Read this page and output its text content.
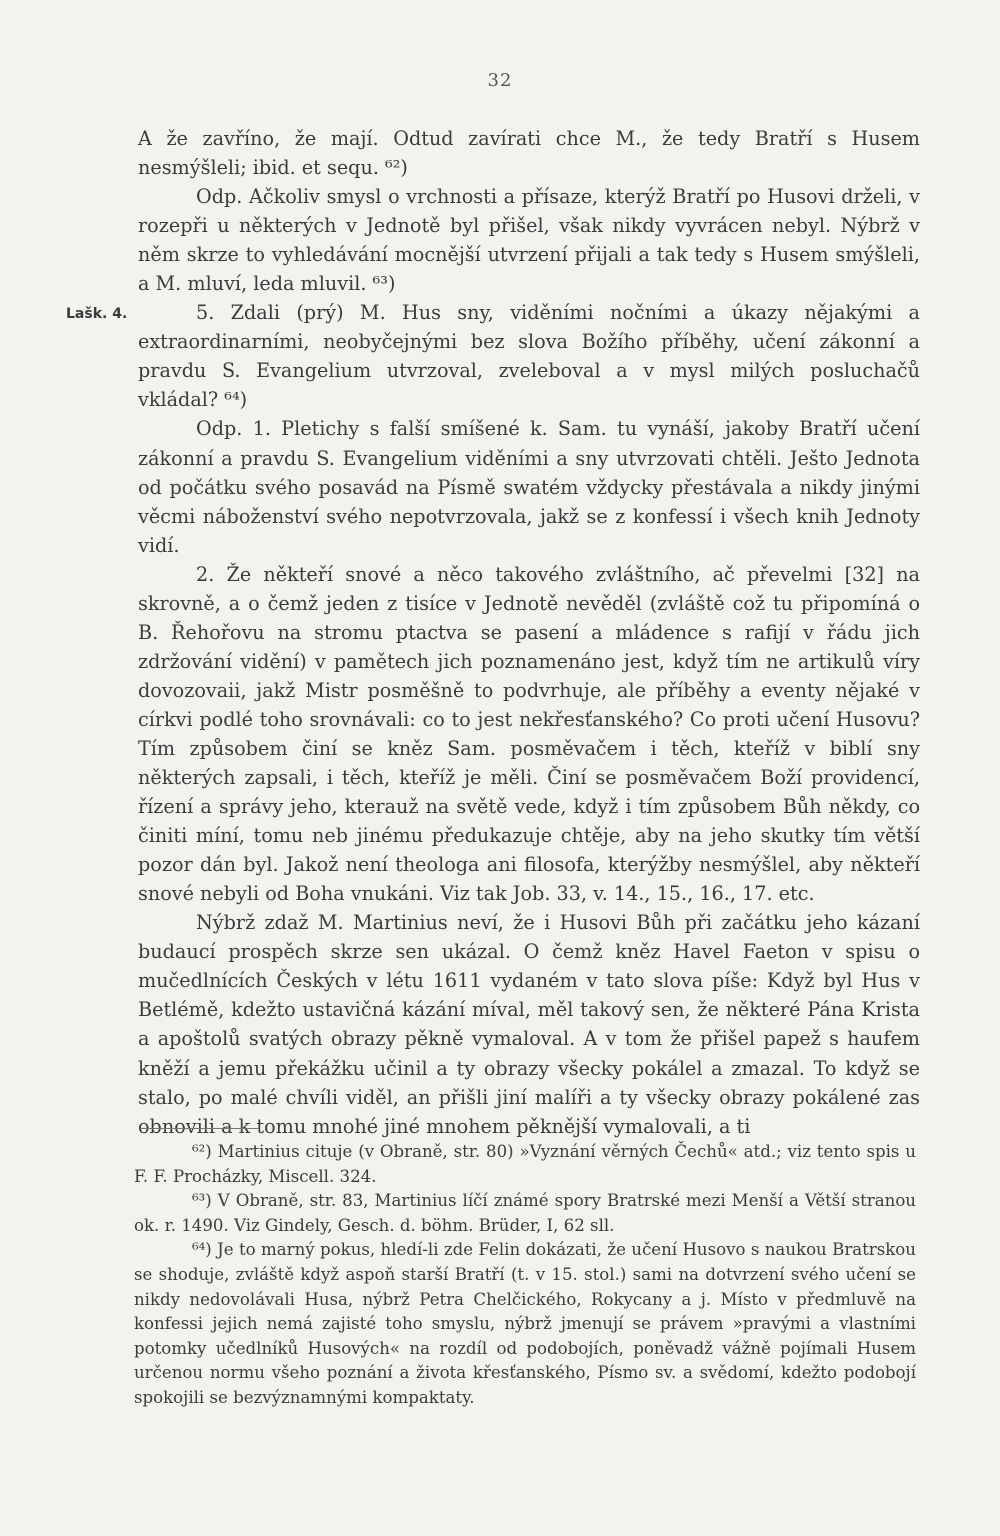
32
Lašk. 4.

A že zavříno, že mají. Odtud zavírati chce M., že tedy Bratří s Husem nesmýšleli; ibid. et sequ. ⁶²)

Odp. Ačkoliv smysl o vrchnosti a přísaze, kterýž Bratří po Husovi drželi, v rozepři u některých v Jednotě byl přišel, však nikdy vyvrácen nebyl. Nýbrž v něm skrze to vyhledávání mocnější utvrzení přijali a tak tedy s Husem smýšleli, a M. mluví, leda mluvil. ⁶³)

5. Zdali (prý) M. Hus sny, viděními nočními a úkazy nějakými a extraordinarními, neobyčejnými bez slova Božího příběhy, učení zákonní a pravdu S. Evangelium utvrzoval, zveleboval a v mysl milých posluchačů vkládal? ⁶⁴)

Odp. 1. Pletichy s falší smíšené k. Sam. tu vynáší, jakoby Bratří učení zákonní a pravdu S. Evangelium viděními a sny utvrzovati chtěli. Ješto Jednota od počátku svého posavád na Písmě swatém vždycky přestávala a nikdy jinými věcmi náboženství svého nepotvrzovala, jakž se z konfessí i všech knih Jednoty vidí.

2. Že někteří snové a něco takového zvláštního, ač převelmi [32] na skrovně, a o čemž jeden z tisíce v Jednotě nevěděl (zvláště což tu připomíná o B. Řehořovu na stromu ptactva se pasení a mládence s rafijí v řádu jich zdržování vidění) v pamětech jich poznamenáno jest, když tím ne artikulů víry dovozovaii, jakž Mistr posměšně to podvrhuje, ale příběhy a eventy nějaké v církvi podlé toho srovnávali: co to jest nekřesťanského? Co proti učení Husovu? Tím způsobem činí se kněz Sam. posměvačem i těch, kteříž v biblí sny některých zapsali, i těch, kteříž je měli. Činí se posměvačem Boží providencí, řízení a správy jeho, kterauž na světě vede, když i tím způsobem Bůh někdy, co činiti míní, tomu neb jinému předukazuje chtěje, aby na jeho skutky tím větší pozor dán byl. Jakož není theologa ani filosofa, kterýžby nesmýšlel, aby někteří snové nebyli od Boha vnukáni. Viz tak Job. 33, v. 14., 15., 16., 17. etc.

Nýbrž zdaž M. Martinius neví, že i Husovi Bůh při začátku jeho kázaní budaucí prospěch skrze sen ukázal. O čemž kněz Havel Faeton v spisu o mučedlnících Českých v létu 1611 vydaném v tato slova píše: Když byl Hus v Betlémě, kdežto ustavičná kázání míval, měl takový sen, že některé Pána Krista a apoštolů svatých obrazy pěkně vymaloval. A v tom že přišel papež s haufem kněží a jemu překážku učinil a ty obrazy všecky pokálel a zmazal. To když se stalo, po malé chvíli viděl, an přišli jiní malíři a ty všecky obrazy pokálené zas obnovili a k tomu mnohé jiné mnohem pěknější vymalovali, a ti

⁶²) Martinius cituje (v Obraně, str. 80) »Vyznání věrných Čechů« atd.; viz tento spis u F. F. Procházky, Miscell. 324.

⁶³) V Obraně, str. 83, Martinius líčí známé spory Bratrské mezi Menší a Větší stranou ok. r. 1490. Viz Gindely, Gesch. d. böhm. Brüder, I, 62 sll.

⁶⁴) Je to marný pokus, hledí-li zde Felin dokázati, že učení Husovo s naukou Bratrskou se shoduje, zvláště když aspoň starší Bratří (t. v 15. stol.) sami na dotvrzení svého učení se nikdy nedovolávali Husa, nýbrž Petra Chelčického, Rokycany a j. Místo v předmluvě na konfessi jejich nemá zajisté toho smyslu, nýbrž jmenují se právem »pravými a vlastními potomky učedlníků Husových« na rozdíl od podobojích, poněvadž vážně pojímali Husem určenou normu všeho poznání a života křesťanského, Písmo sv. a svědomí, kdežto podobojí spokojili se bezvýznamnými kompaktaty.
